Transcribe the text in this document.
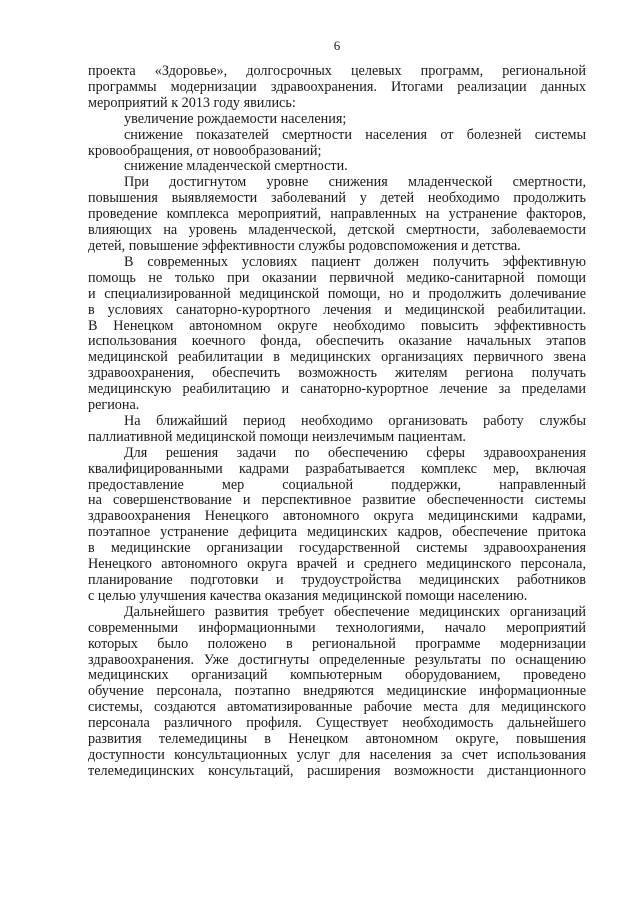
6
проекта «Здоровье», долгосрочных целевых программ, региональной
программы модернизации здравоохранения. Итогами реализации данных
мероприятий к 2013 году явились:
увеличение рождаемости населения;
снижение показателей смертности населения от болезней системы
кровообращения, от новообразований;
снижение младенческой смертности.
При достигнутом уровне снижения младенческой смертности,
повышения выявляемости заболеваний у детей необходимо продолжить
проведение комплекса мероприятий, направленных на устранение факторов,
влияющих на уровень младенческой, детской смертности, заболеваемости
детей, повышение эффективности службы родовспоможения и детства.
В современных условиях пациент должен получить эффективную
помощь не только при оказании первичной медико-санитарной помощи
и специализированной медицинской помощи, но и продолжить долечивание
в условиях санаторно-курортного лечения и медицинской реабилитации.
В Ненецком автономном округе необходимо повысить эффективность
использования коечного фонда, обеспечить оказание начальных этапов
медицинской реабилитации в медицинских организациях первичного звена
здравоохранения, обеспечить возможность жителям региона получать
медицинскую реабилитацию и санаторно-курортное лечение за пределами
региона.
На ближайший период необходимо организовать работу службы
паллиативной медицинской помощи неизлечимым пациентам.
Для решения задачи по обеспечению сферы здравоохранения
квалифицированными кадрами разрабатывается комплекс мер, включая
предоставление мер социальной поддержки, направленный
на совершенствование и перспективное развитие обеспеченности системы
здравоохранения Ненецкого автономного округа медицинскими кадрами,
поэтапное устранение дефицита медицинских кадров, обеспечение притока
в медицинские организации государственной системы здравоохранения
Ненецкого автономного округа врачей и среднего медицинского персонала,
планирование подготовки и трудоустройства медицинских работников
с целью улучшения качества оказания медицинской помощи населению.
Дальнейшего развития требует обеспечение медицинских организаций
современными информационными технологиями, начало мероприятий
которых было положено в региональной программе модернизации
здравоохранения. Уже достигнуты определенные результаты по оснащению
медицинских организаций компьютерным оборудованием, проведено
обучение персонала, поэтапно внедряются медицинские информационные
системы, создаются автоматизированные рабочие места для медицинского
персонала различного профиля. Существует необходимость дальнейшего
развития телемедицины в Ненецком автономном округе, повышения
доступности консультационных услуг для населения за счет использования
телемедицинских консультаций, расширения возможности дистанционного
